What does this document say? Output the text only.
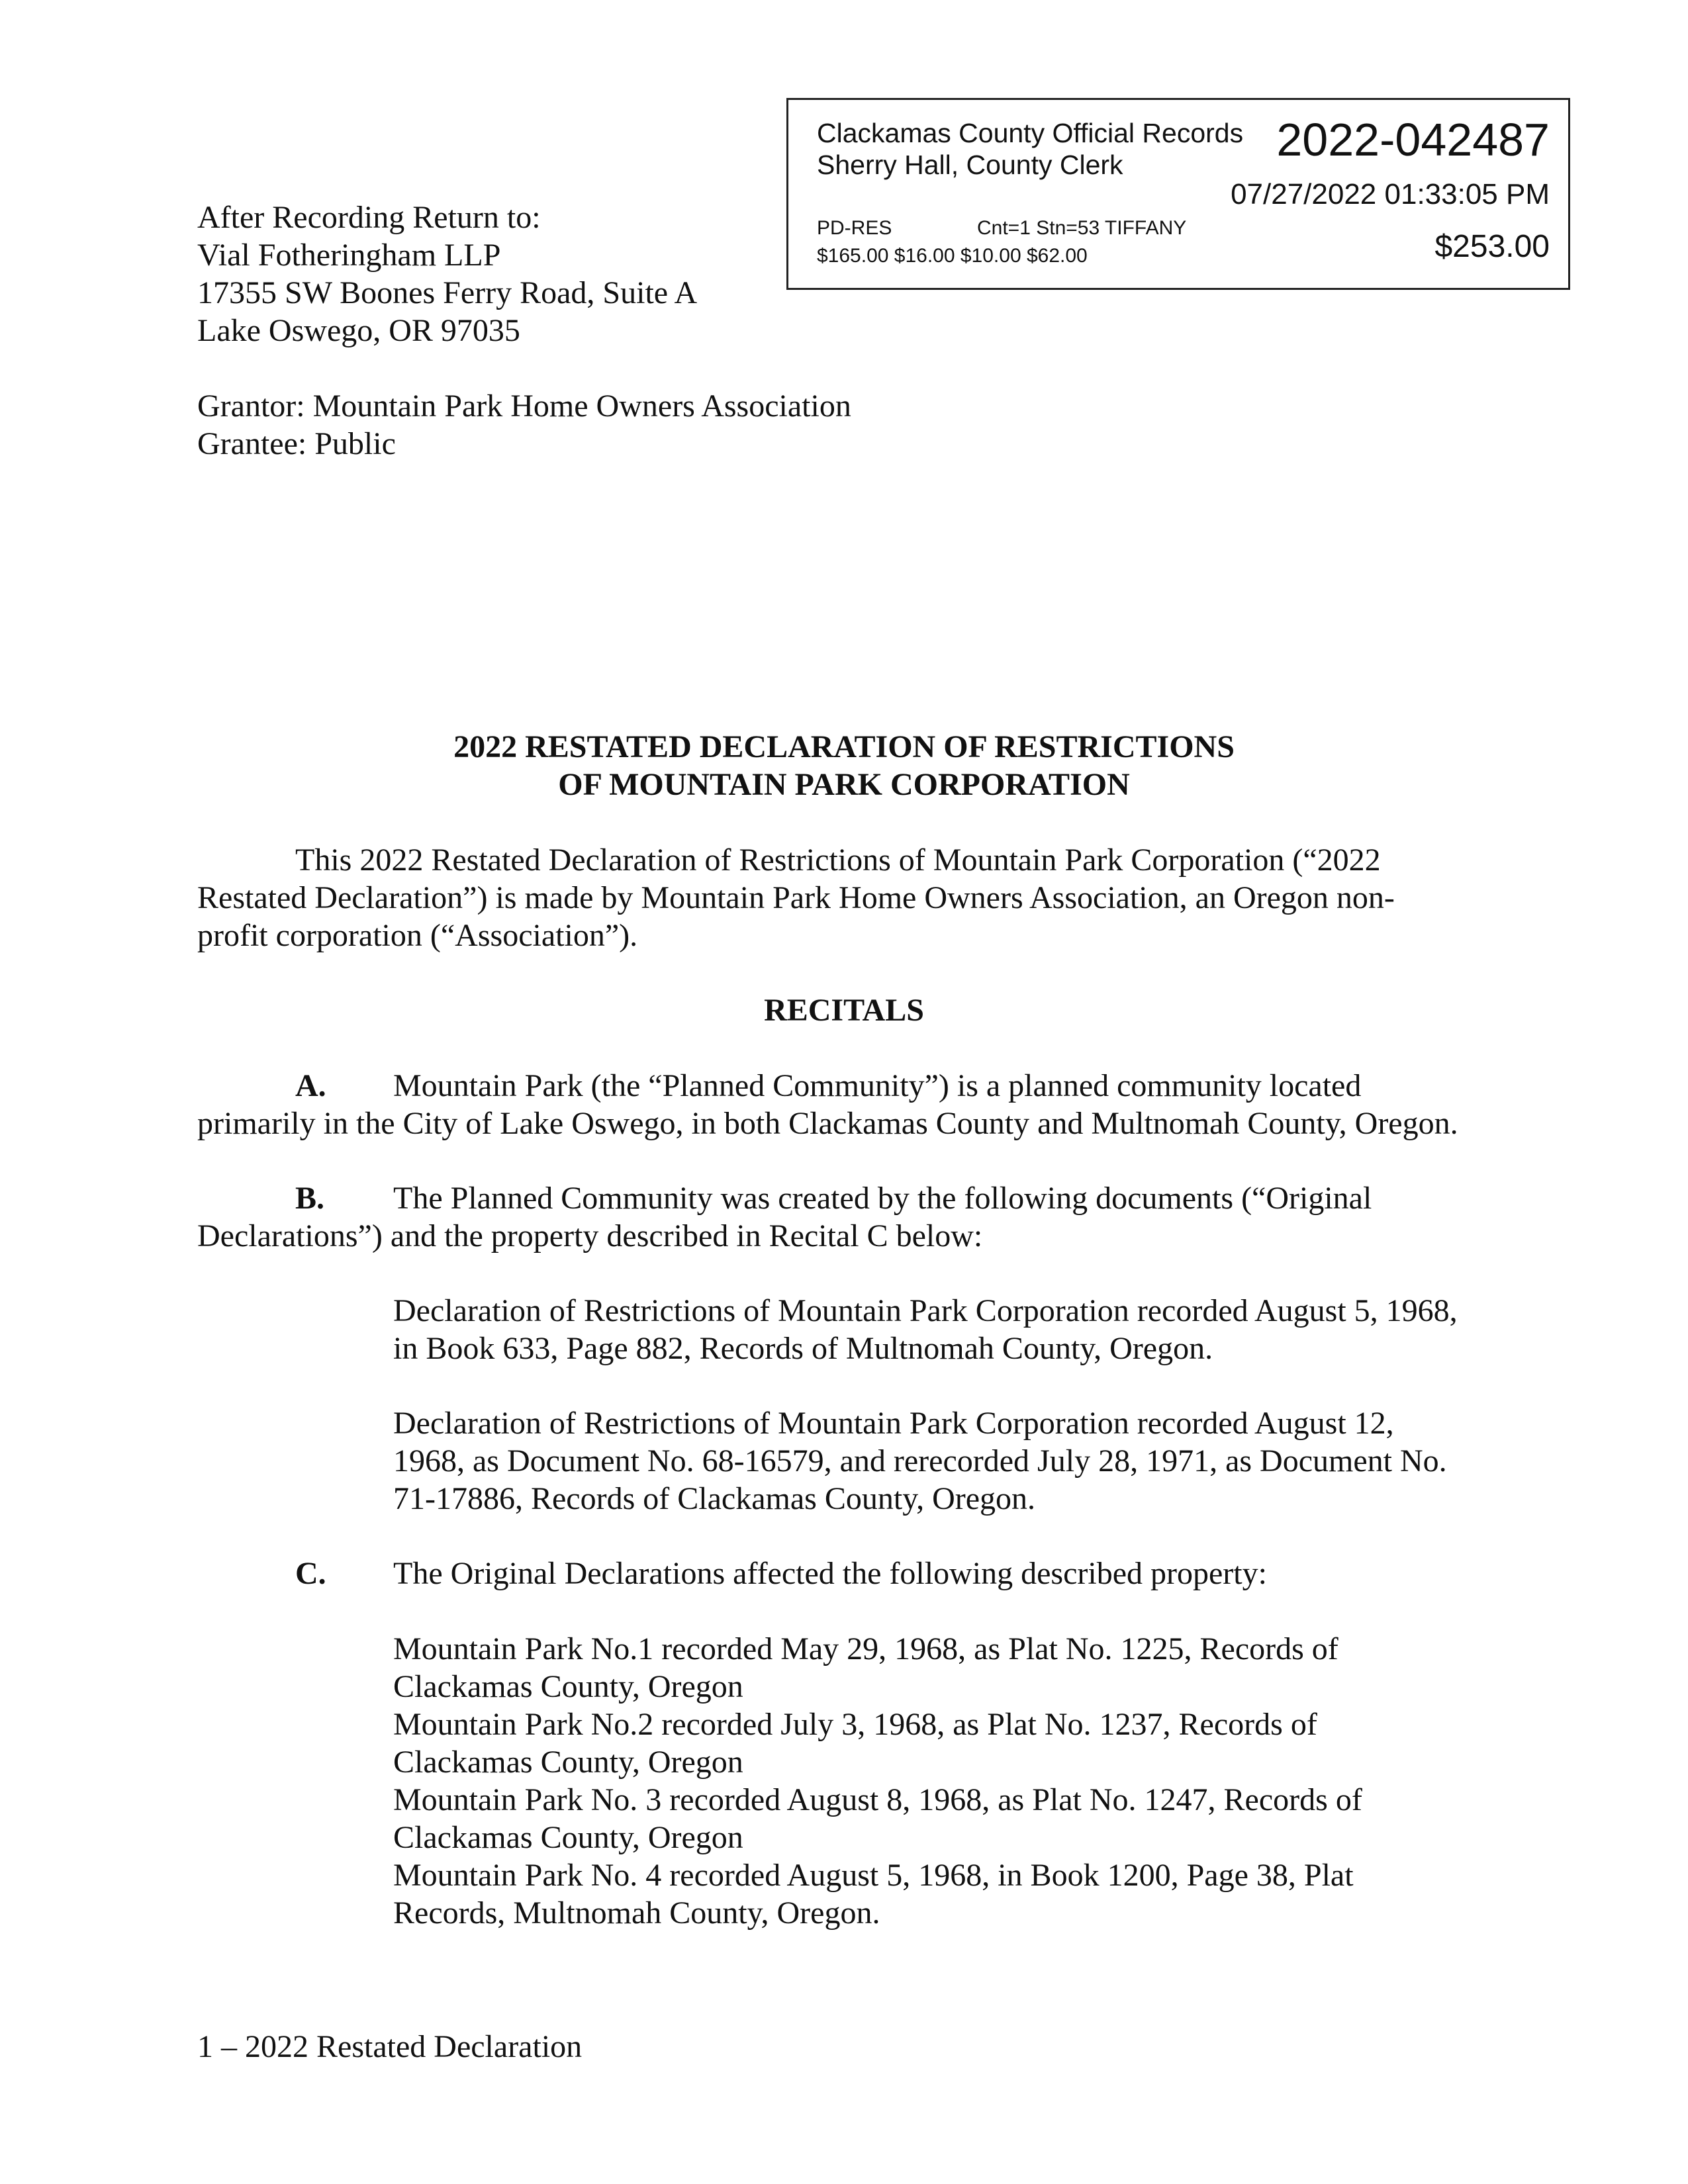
Clackamas County Official Records
Sherry Hall, County Clerk	2022-042487
07/27/2022 01:33:05 PM
PD-RES	Cnt=1 Stn=53 TIFFANY
$165.00 $16.00 $10.00 $62.00	$253.00
After Recording Return to:
Vial Fotheringham LLP
17355 SW Boones Ferry Road, Suite A
Lake Oswego, OR 97035
Grantor: Mountain Park Home Owners Association
Grantee: Public
2022 RESTATED DECLARATION OF RESTRICTIONS
OF MOUNTAIN PARK CORPORATION
This 2022 Restated Declaration of Restrictions of Mountain Park Corporation (“2022
Restated Declaration”) is made by Mountain Park Home Owners Association, an Oregon non-
profit corporation (“Association”).
RECITALS
A. Mountain Park (the “Planned Community”) is a planned community located
primarily in the City of Lake Oswego, in both Clackamas County and Multnomah County, Oregon.
B. The Planned Community was created by the following documents (“Original
Declarations”) and the property described in Recital C below:
Declaration of Restrictions of Mountain Park Corporation recorded August 5, 1968,
in Book 633, Page 882, Records of Multnomah County, Oregon.
Declaration of Restrictions of Mountain Park Corporation recorded August 12,
1968, as Document No. 68-16579, and rerecorded July 28, 1971, as Document No.
71-17886, Records of Clackamas County, Oregon.
C. The Original Declarations affected the following described property:
Mountain Park No.1 recorded May 29, 1968, as Plat No. 1225, Records of
Clackamas County, Oregon
Mountain Park No.2 recorded July 3, 1968, as Plat No. 1237, Records of
Clackamas County, Oregon
Mountain Park No. 3 recorded August 8, 1968, as Plat No. 1247, Records of
Clackamas County, Oregon
Mountain Park No. 4 recorded August 5, 1968, in Book 1200, Page 38, Plat
Records, Multnomah County, Oregon.
1 – 2022 Restated Declaration
